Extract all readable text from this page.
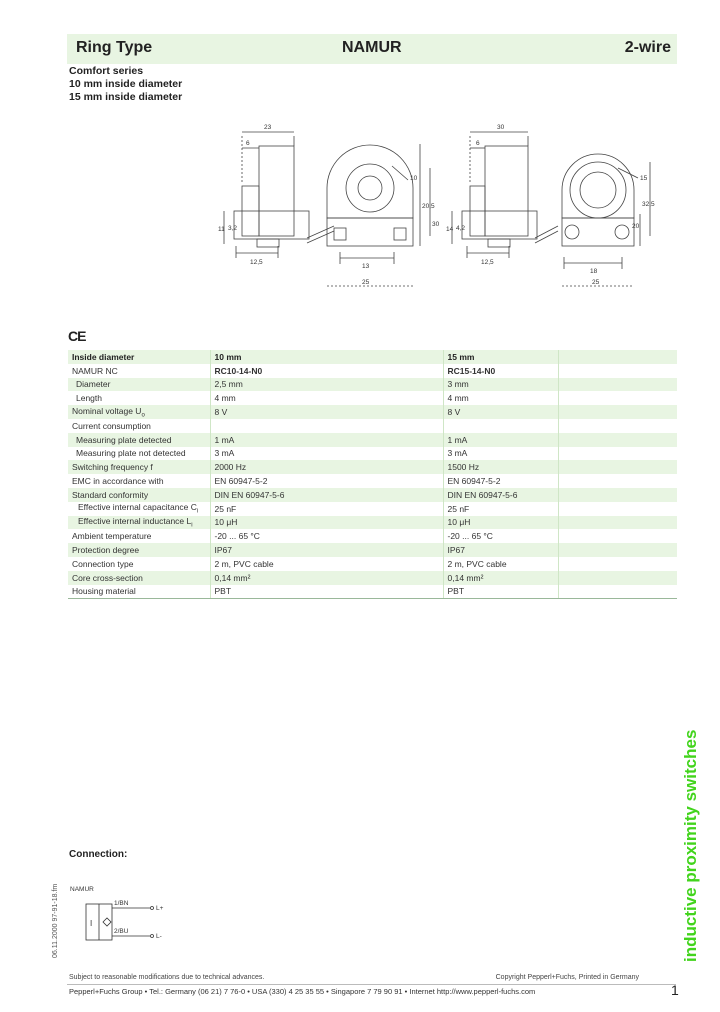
Ring Type	NAMUR	2-wire
Comfort series
10 mm inside diameter
15 mm inside diameter
23
6
11 3,2
12,5
10
30
20,5
13
25
30
6
14 4,2
12,5
15
32,5
20
18
25
CE
Inside diameter	10 mm	15 mm	
NAMUR NC	RC10-14-N0	RC15-14-N0	
Diameter	2,5 mm	3 mm	
Length	4 mm	4 mm	
Nominal voltage $U_o$	8 V	8 V	
Current consumption			
Measuring plate detected	1 mA	1 mA	
Measuring plate not detected	3 mA	3 mA	
Switching frequency f	2000 Hz	1500 Hz	
EMC in accordance with	EN 60947-5-2	EN 60947-5-2	
Standard conformity	DIN EN 60947-5-6	DIN EN 60947-5-6	
Effective internal capacitance $C_i$	25 nF	25 nF	
Effective internal inductance $L_i$	10 μH	10 μH	
Ambient temperature	-20 ... 65 °C	-20 ... 65 °C	
Protection degree	IP67	IP67	
Connection type	2 m, PVC cable	2 m, PVC cable	
Core cross-section	0,14 mm²	0,14 mm²	
Housing material	PBT	PBT	
Connection:
NAMUR
I
1/BN
2/BU
L+
L-
06.11.2000 97-91-18.fm	inductive proximity switches
Subject to reasonable modifications due to technical advances.	Copyright Pepperl+Fuchs, Printed in Germany
Pepperl+Fuchs Group • Tel.: Germany (06 21) 7 76-0 • USA (330) 4 25 35 55 • Singapore 7 79 90 91 • Internet http://www.pepperl-fuchs.com	1
